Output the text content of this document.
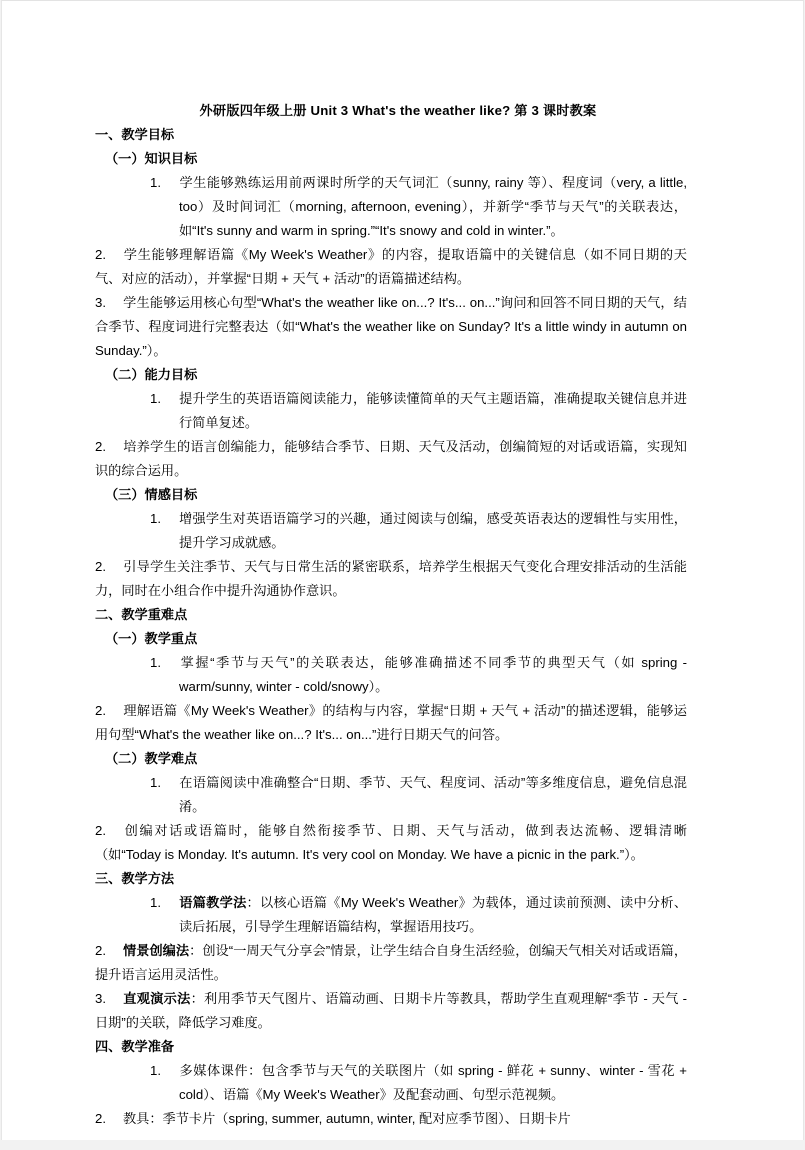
外研版四年级上册 Unit 3 What's the weather like? 第 3 课时教案
一、教学目标
（一）知识目标

1. 学生能够熟练运用前两课时所学的天气词汇（sunny, rainy 等）、程度词（very, a little, too）及时间词汇（morning, afternoon, evening），并新学“季节与天气”的关联表达，如“It's sunny and warm in spring.”“It's snowy and cold in winter.”。

2. 学生能够理解语篇《My Week's Weather》的内容，提取语篇中的关键信息（如不同日期的天气、对应的活动），并掌握“日期 + 天气 + 活动”的语篇描述结构。

3. 学生能够运用核心句型“What's the weather like on...? It's... on...”询问和回答不同日期的天气，结合季节、程度词进行完整表达（如“What's the weather like on Sunday? It's a little windy in autumn on Sunday.”）。

（二）能力目标

1. 提升学生的英语语篇阅读能力，能够读懂简单的天气主题语篇，准确提取关键信息并进行简单复述。

2. 培养学生的语言创编能力，能够结合季节、日期、天气及活动，创编简短的对话或语篇，实现知识的综合运用。

（三）情感目标

1. 增强学生对英语语篇学习的兴趣，通过阅读与创编，感受英语表达的逻辑性与实用性，提升学习成就感。

2. 引导学生关注季节、天气与日常生活的紧密联系，培养学生根据天气变化合理安排活动的生活能力，同时在小组合作中提升沟通协作意识。

二、教学重难点
（一）教学重点

1. 掌握“季节与天气”的关联表达，能够准确描述不同季节的典型天气（如 spring - warm/sunny, winter - cold/snowy）。

2. 理解语篇《My Week's Weather》的结构与内容，掌握“日期 + 天气 + 活动”的描述逻辑，能够运用句型“What's the weather like on...? It's... on...”进行日期天气的问答。

（二）教学难点

1. 在语篇阅读中准确整合“日期、季节、天气、程度词、活动”等多维度信息，避免信息混淆。

2. 创编对话或语篇时，能够自然衔接季节、日期、天气与活动，做到表达流畅、逻辑清晰（如“Today is Monday. It's autumn. It's very cool on Monday. We have a picnic in the park.”）。

三、教学方法

1. 语篇教学法：以核心语篇《My Week's Weather》为载体，通过读前预测、读中分析、读后拓展，引导学生理解语篇结构，掌握语用技巧。

2. 情景创编法：创设“一周天气分享会”情景，让学生结合自身生活经验，创编天气相关对话或语篇，提升语言运用灵活性。

3. 直观演示法：利用季节天气图片、语篇动画、日期卡片等教具，帮助学生直观理解“季节 - 天气 - 日期”的关联，降低学习难度。

四、教学准备

1. 多媒体课件：包含季节与天气的关联图片（如 spring - 鲜花 + sunny、winter - 雪花 + cold）、语篇《My Week's Weather》及配套动画、句型示范视频。

2. 教具：季节卡片（spring, summer, autumn, winter, 配对应季节图）、日期卡片
